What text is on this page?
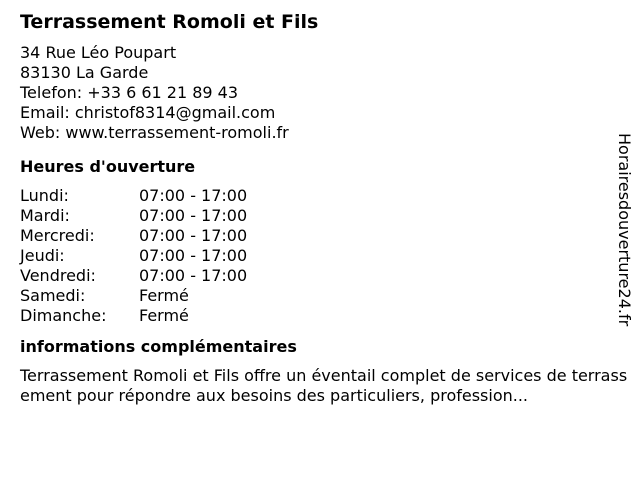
Terrassement Romoli et Fils
34 Rue Léo Poupart
83130 La Garde
Telefon: +33 6 61 21 89 43
Email: christof8314@gmail.com
Web: www.terrassement-romoli.fr
Heures d'ouverture
Lundi:	07:00 - 17:00
Mardi:	07:00 - 17:00
Mercredi:	07:00 - 17:00
Jeudi:	07:00 - 17:00
Vendredi:	07:00 - 17:00
Samedi:	Fermé
Dimanche:	Fermé
informations complémentaires
Terrassement Romoli et Fils offre un éventail complet de services de terrassement pour répondre aux besoins des particuliers, profession...
Horairesdouverture24.fr
